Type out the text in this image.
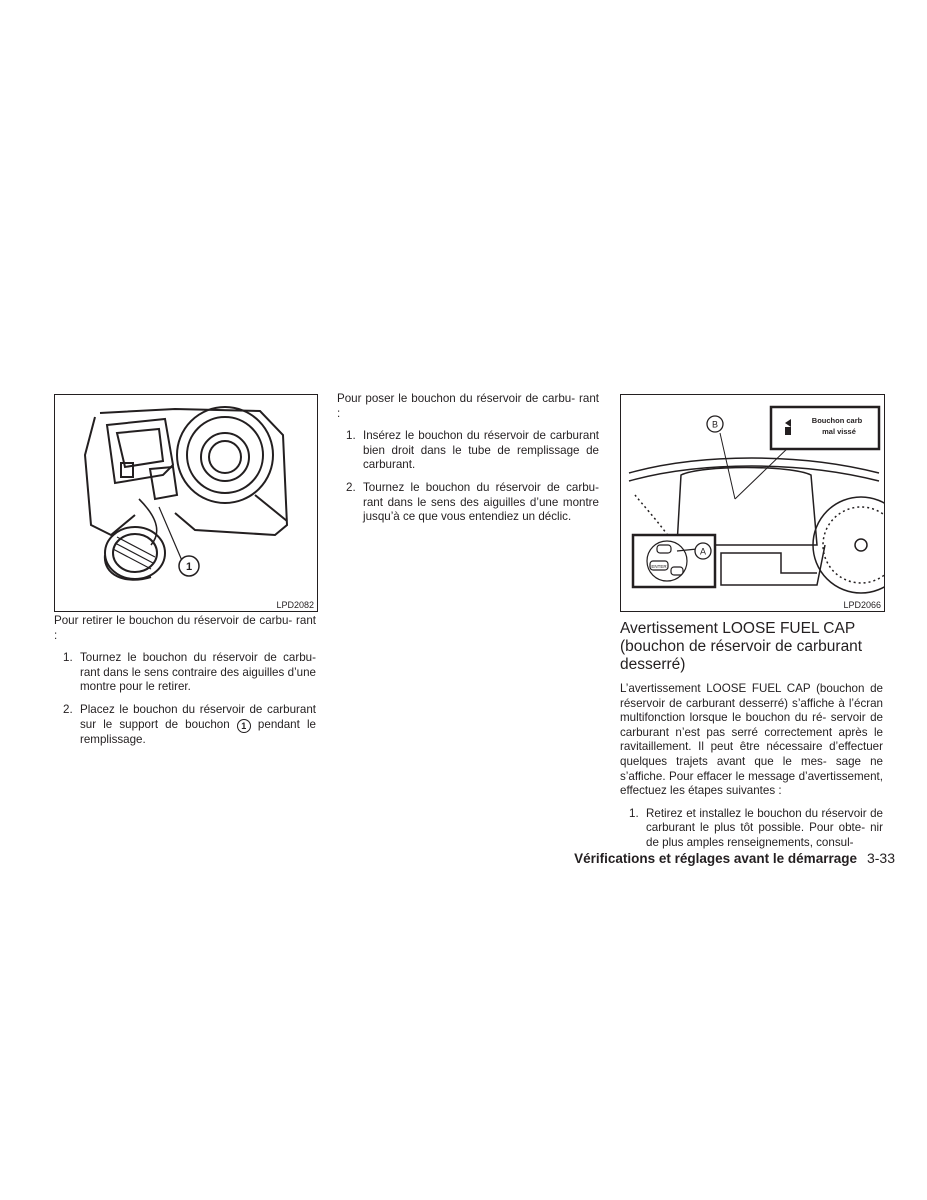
1
LPD2082

Pour retirer le bouchon du réservoir de carbu- rant :

1. Tournez le bouchon du réservoir de carbu- rant dans le sens contraire des aiguilles d’une montre pour le retirer.
2. Placez le bouchon du réservoir de carburant sur le support de bouchon 1 pendant le remplissage.

Pour poser le bouchon du réservoir de carbu- rant :

1. Insérez le bouchon du réservoir de carburant bien droit dans le tube de remplissage de carburant.
2. Tournez le bouchon du réservoir de carbu- rant dans le sens des aiguilles d’une montre jusqu’à ce que vous entendiez un déclic.
Bouchon carb
mal vissé
B
ENTER
A
LPD2066
Avertissement LOOSE FUEL CAP (bouchon de réservoir de carburant desserré)

L’avertissement LOOSE FUEL CAP (bouchon de réservoir de carburant desserré) s’affiche à l’écran multifonction lorsque le bouchon du ré- servoir de carburant n’est pas serré correctement après le ravitaillement. Il peut être nécessaire d’effectuer quelques trajets avant que le mes- sage ne s’affiche. Pour effacer le message d’avertissement, effectuez les étapes suivantes :

1. Retirez et installez le bouchon du réservoir de carburant le plus tôt possible. Pour obte- nir de plus amples renseignements, consul-
Vérifications et réglages avant le démarrage 3-33
